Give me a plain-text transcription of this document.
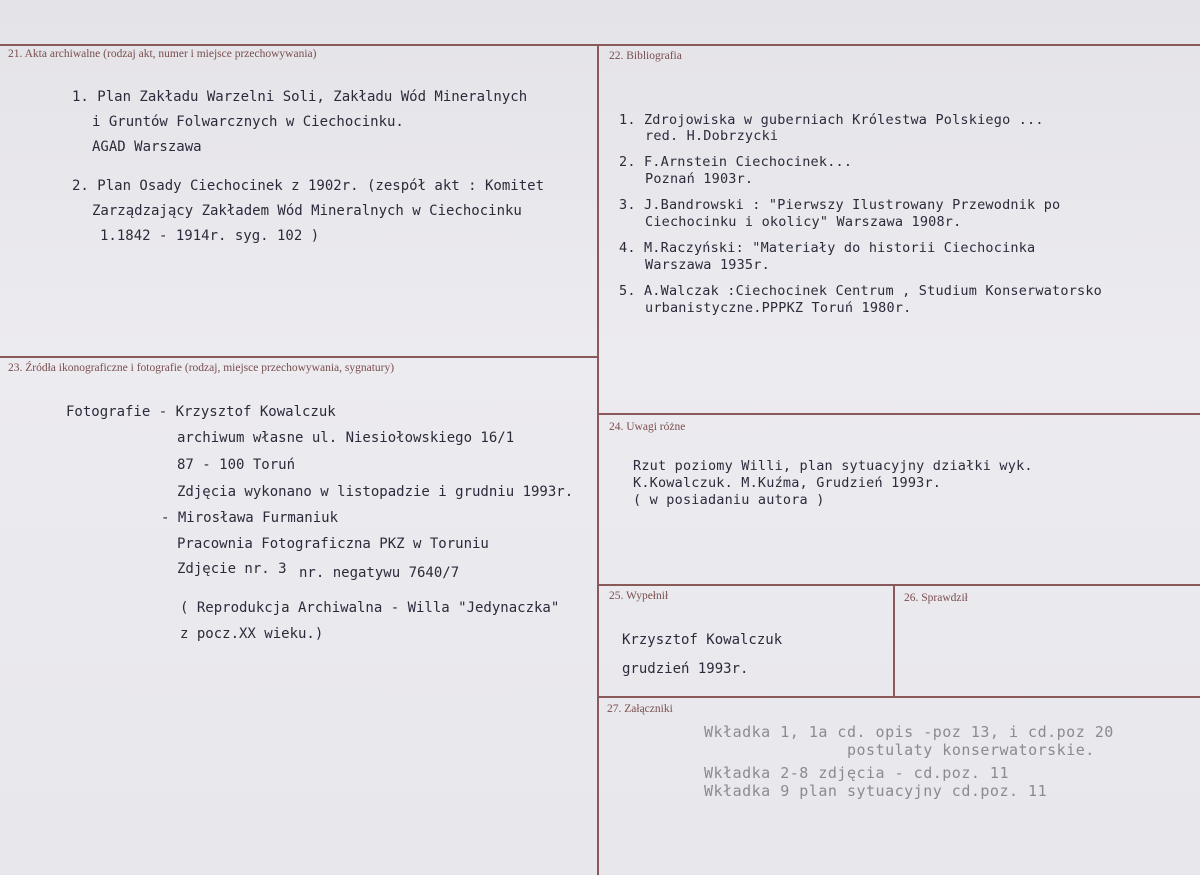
21. Akta archiwalne (rodzaj akt, numer i miejsce przechowywania)	22. Bibliografia
23. Źródła ikonograficzne i fotografie (rodzaj, miejsce przechowywania, sygnatury)
24. Uwagi różne
25. Wypełnił	26. Sprawdził
27. Załączniki
1. Plan Zakładu Warzelni Soli, Zakładu Wód Mineralnych
i Gruntów Folwarcznych w Ciechocinku.
AGAD Warszawa
2. Plan Osady Ciechocinek z 1902r. (zespół akt : Komitet
Zarządzający Zakładem Wód Mineralnych w Ciechocinku
1.1842 - 1914r. syg. 102 )
1. Zdrojowiska w guberniach Królestwa Polskiego ...
red. H.Dobrzycki
2. F.Arnstein Ciechocinek...
Poznań 1903r.
3. J.Bandrowski : "Pierwszy Ilustrowany Przewodnik po
Ciechocinku i okolicy" Warszawa 1908r.
4. M.Raczyński: "Materiały do historii Ciechocinka
Warszawa 1935r.
5. A.Walczak :Ciechocinek Centrum , Studium Konserwatorsko
urbanistyczne.PPPKZ Toruń 1980r.
Fotografie - Krzysztof Kowalczuk
archiwum własne ul. Niesiołowskiego 16/1
87 - 100 Toruń
Zdjęcia wykonano w listopadzie i grudniu 1993r.
- Mirosława Furmaniuk
Pracownia Fotograficzna PKZ w Toruniu
Zdjęcie nr. 3 nr. negatywu 7640/7
( Reprodukcja Archiwalna - Willa "Jedynaczka"
z pocz.XX wieku.)
Rzut poziomy Willi, plan sytuacyjny działki wyk.
K.Kowalczuk. M.Kuźma, Grudzień 1993r.
( w posiadaniu autora )
Krzysztof Kowalczuk
grudzień 1993r.
Wkładka 1, 1a cd. opis -poz 13, i cd.poz 20
postulaty konserwatorskie.
Wkładka 2-8 zdjęcia - cd.poz. 11
Wkładka 9 plan sytuacyjny cd.poz. 11
